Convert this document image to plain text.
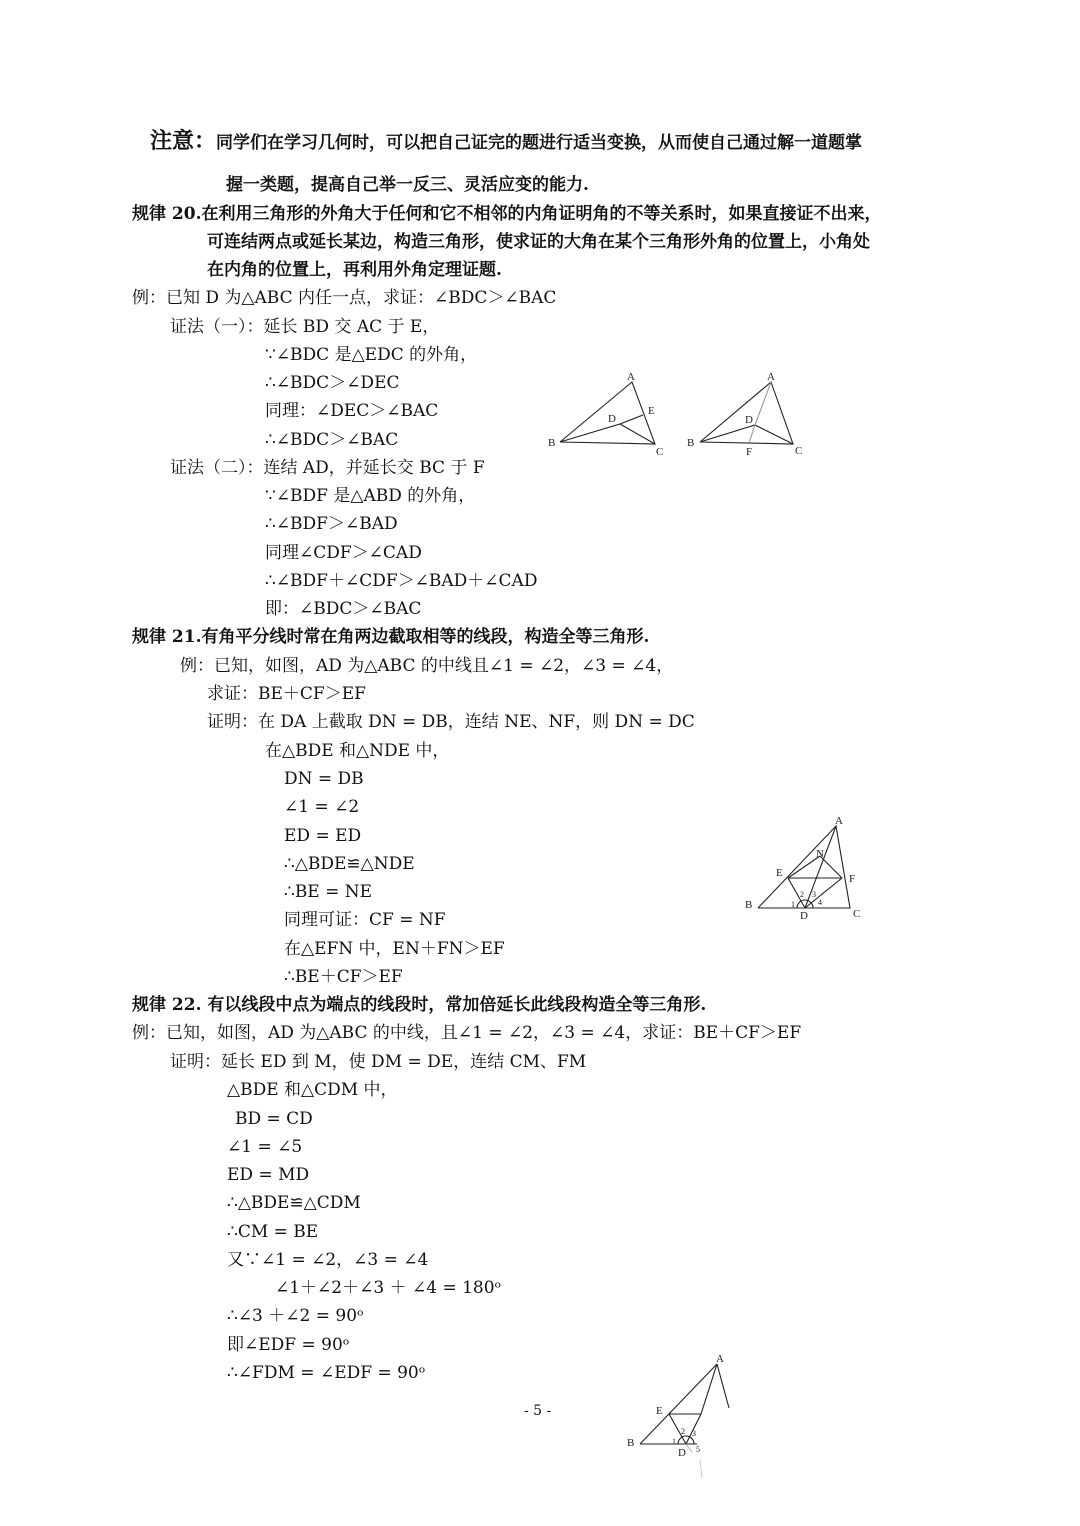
注意：同学们在学习几何时，可以把自己证完的题进行适当变换，从而使自己通过解一道题掌
握一类题，提高自己举一反三、灵活应变的能力.
规律 20.在利用三角形的外角大于任何和它不相邻的内角证明角的不等关系时，如果直接证不出来，
可连结两点或延长某边，构造三角形，使求证的大角在某个三角形外角的位置上，小角处
在内角的位置上，再利用外角定理证题.
例：已知 D 为△ABC 内任一点，求证：∠BDC＞∠BAC
证法（一）：延长 BD 交 AC 于 E，
∵∠BDC 是△EDC 的外角，
∴∠BDC＞∠DEC
同理：∠DEC＞∠BAC
∴∠BDC＞∠BAC
证法（二）：连结 AD，并延长交 BC 于 F
∵∠BDF 是△ABD 的外角，
∴∠BDF＞∠BAD
同理∠CDF＞∠CAD
∴∠BDF＋∠CDF＞∠BAD＋∠CAD
即：∠BDC＞∠BAC
A
B
C
D
E
A
B
C
D
F
规律 21.有角平分线时常在角两边截取相等的线段，构造全等三角形.
例：已知，如图，AD 为△ABC 的中线且∠1 = ∠2，∠3 = ∠4，
求证：BE＋CF＞EF
证明：在 DA 上截取 DN = DB，连结 NE、NF，则 DN = DC
在△BDE 和△NDE 中，
DN = DB
∠1 = ∠2
ED = ED
∴△BDE≌△NDE
∴BE = NE
同理可证：CF = NF
在△EFN 中，EN＋FN＞EF
∴BE＋CF＞EF
A
B
C
D
E	F
N
1
2 3
4
规律 22. 有以线段中点为端点的线段时，常加倍延长此线段构造全等三角形.
例：已知，如图，AD 为△ABC 的中线，且∠1 = ∠2，∠3 = ∠4，求证：BE＋CF＞EF
证明：延长 ED 到 M，使 DM = DE，连结 CM、FM
△BDE 和△CDM 中，
BD = CD
∠1 = ∠5
ED = MD
∴△BDE≌△CDM
∴CM = BE
又∵∠1 = ∠2，∠3 = ∠4
∠1＋∠2＋∠3 ＋ ∠4 = 180ᵒ
∴∠3 ＋∠2 = 90ᵒ
即∠EDF = 90ᵒ
∴∠FDM = ∠EDF = 90ᵒ
- 5 -
A
B
D
E
1
2 3
5
